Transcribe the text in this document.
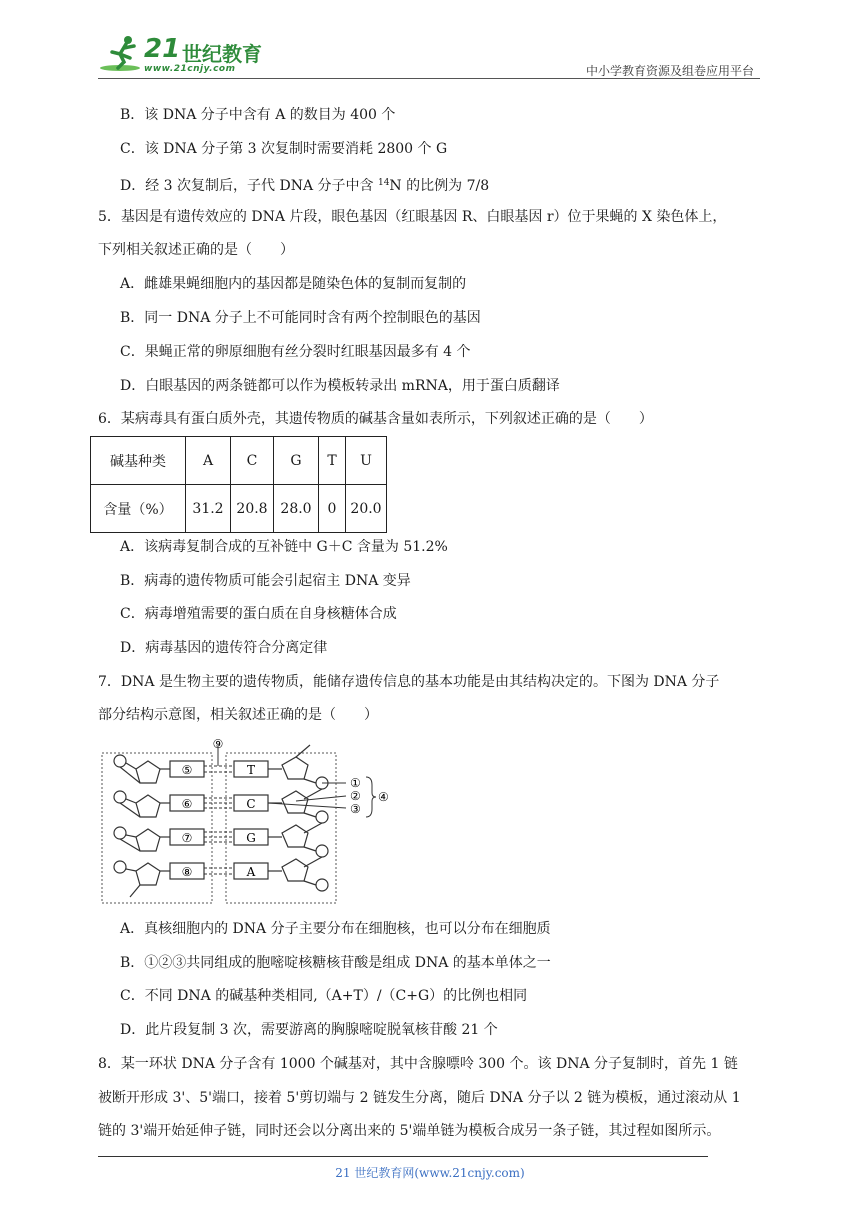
21 世纪教育
www.21cnjy.com	中小学教育资源及组卷应用平台
B．该 DNA 分子中含有 A 的数目为 400 个
C．该 DNA 分子第 3 次复制时需要消耗 2800 个 G
D．经 3 次复制后，子代 DNA 分子中含 $^{14}$N 的比例为 7/8
5．基因是有遗传效应的 DNA 片段，眼色基因（红眼基因 R、白眼基因 r）位于果蝇的 X 染色体上，
下列相关叙述正确的是（　　）
A．雌雄果蝇细胞内的基因都是随染色体的复制而复制的
B．同一 DNA 分子上不可能同时含有两个控制眼色的基因
C．果蝇正常的卵原细胞有丝分裂时红眼基因最多有 4 个
D．白眼基因的两条链都可以作为模板转录出 mRNA，用于蛋白质翻译
6．某病毒具有蛋白质外壳，其遗传物质的碱基含量如表所示，下列叙述正确的是（　　）
碱基种类	A	C	G	T	U
含量（%）	31.2	20.8	28.0	0	20.0
A．该病毒复制合成的互补链中 G＋C 含量为 51.2%
B．病毒的遗传物质可能会引起宿主 DNA 变异
C．病毒增殖需要的蛋白质在自身核糖体合成
D．病毒基因的遗传符合分离定律
7．DNA 是生物主要的遗传物质，能储存遗传信息的基本功能是由其结构决定的。下图为 DNA 分子
部分结构示意图，相关叙述正确的是（　　）
⑤
⑥
⑦
⑧
T
C
G
A
⑨
①
②
③
④
A．真核细胞内的 DNA 分子主要分布在细胞核，也可以分布在细胞质
B．①②③共同组成的胞嘧啶核糖核苷酸是组成 DNA 的基本单体之一
C．不同 DNA 的碱基种类相同,（A+T）/（C+G）的比例也相同
D．此片段复制 3 次，需要游离的胸腺嘧啶脱氧核苷酸 21 个
8．某一环状 DNA 分子含有 1000 个碱基对，其中含腺嘌呤 300 个。该 DNA 分子复制时，首先 1 链
被断开形成 3'、5'端口，接着 5'剪切端与 2 链发生分离，随后 DNA 分子以 2 链为模板，通过滚动从 1
链的 3'端开始延伸子链，同时还会以分离出来的 5'端单链为模板合成另一条子链，其过程如图所示。
21 世纪教育网(www.21cnjy.com)
